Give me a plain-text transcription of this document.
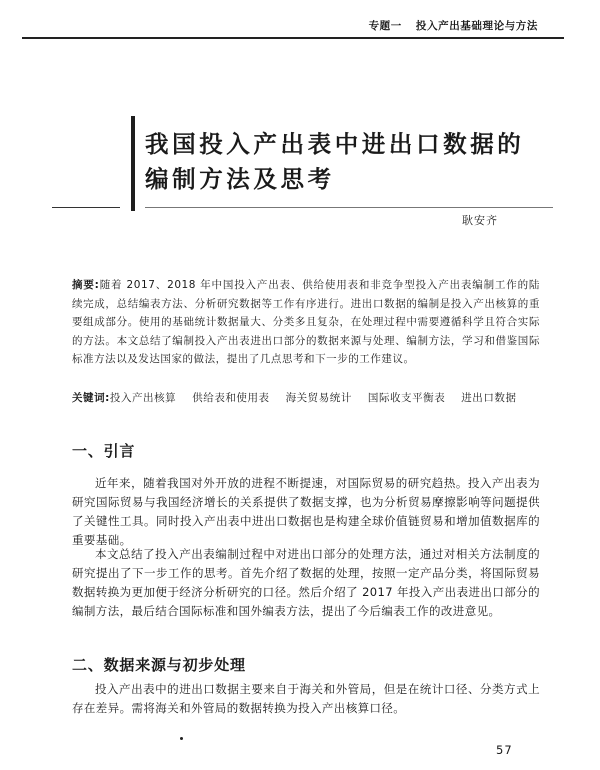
专题一 投入产出基础理论与方法
我国投入产出表中进出口数据的编制方法及思考
耿安齐
摘要:随着 2017、2018 年中国投入产出表、供给使用表和非竞争型投入产出表编制工作的陆续完成，总结编表方法、分析研究数据等工作有序进行。进出口数据的编制是投入产出核算的重要组成部分。使用的基础统计数据量大、分类多且复杂，在处理过程中需要遵循科学且符合实际的方法。本文总结了编制投入产出表进出口部分的数据来源与处理、编制方法，学习和借鉴国际标准方法以及发达国家的做法，提出了几点思考和下一步的工作建议。
关键词:投入产出核算 供给表和使用表 海关贸易统计 国际收支平衡表 进出口数据
一、引言
近年来，随着我国对外开放的进程不断提速，对国际贸易的研究趋热。投入产出表为研究国际贸易与我国经济增长的关系提供了数据支撑，也为分析贸易摩擦影响等问题提供了关键性工具。同时投入产出表中进出口数据也是构建全球价值链贸易和增加值数据库的重要基础。
本文总结了投入产出表编制过程中对进出口部分的处理方法，通过对相关方法制度的研究提出了下一步工作的思考。首先介绍了数据的处理，按照一定产品分类，将国际贸易数据转换为更加便于经济分析研究的口径。然后介绍了 2017 年投入产出表进出口部分的编制方法，最后结合国际标准和国外编表方法，提出了今后编表工作的改进意见。
二、数据来源与初步处理
投入产出表中的进出口数据主要来自于海关和外管局，但是在统计口径、分类方式上存在差异。需将海关和外管局的数据转换为投入产出核算口径。
57
